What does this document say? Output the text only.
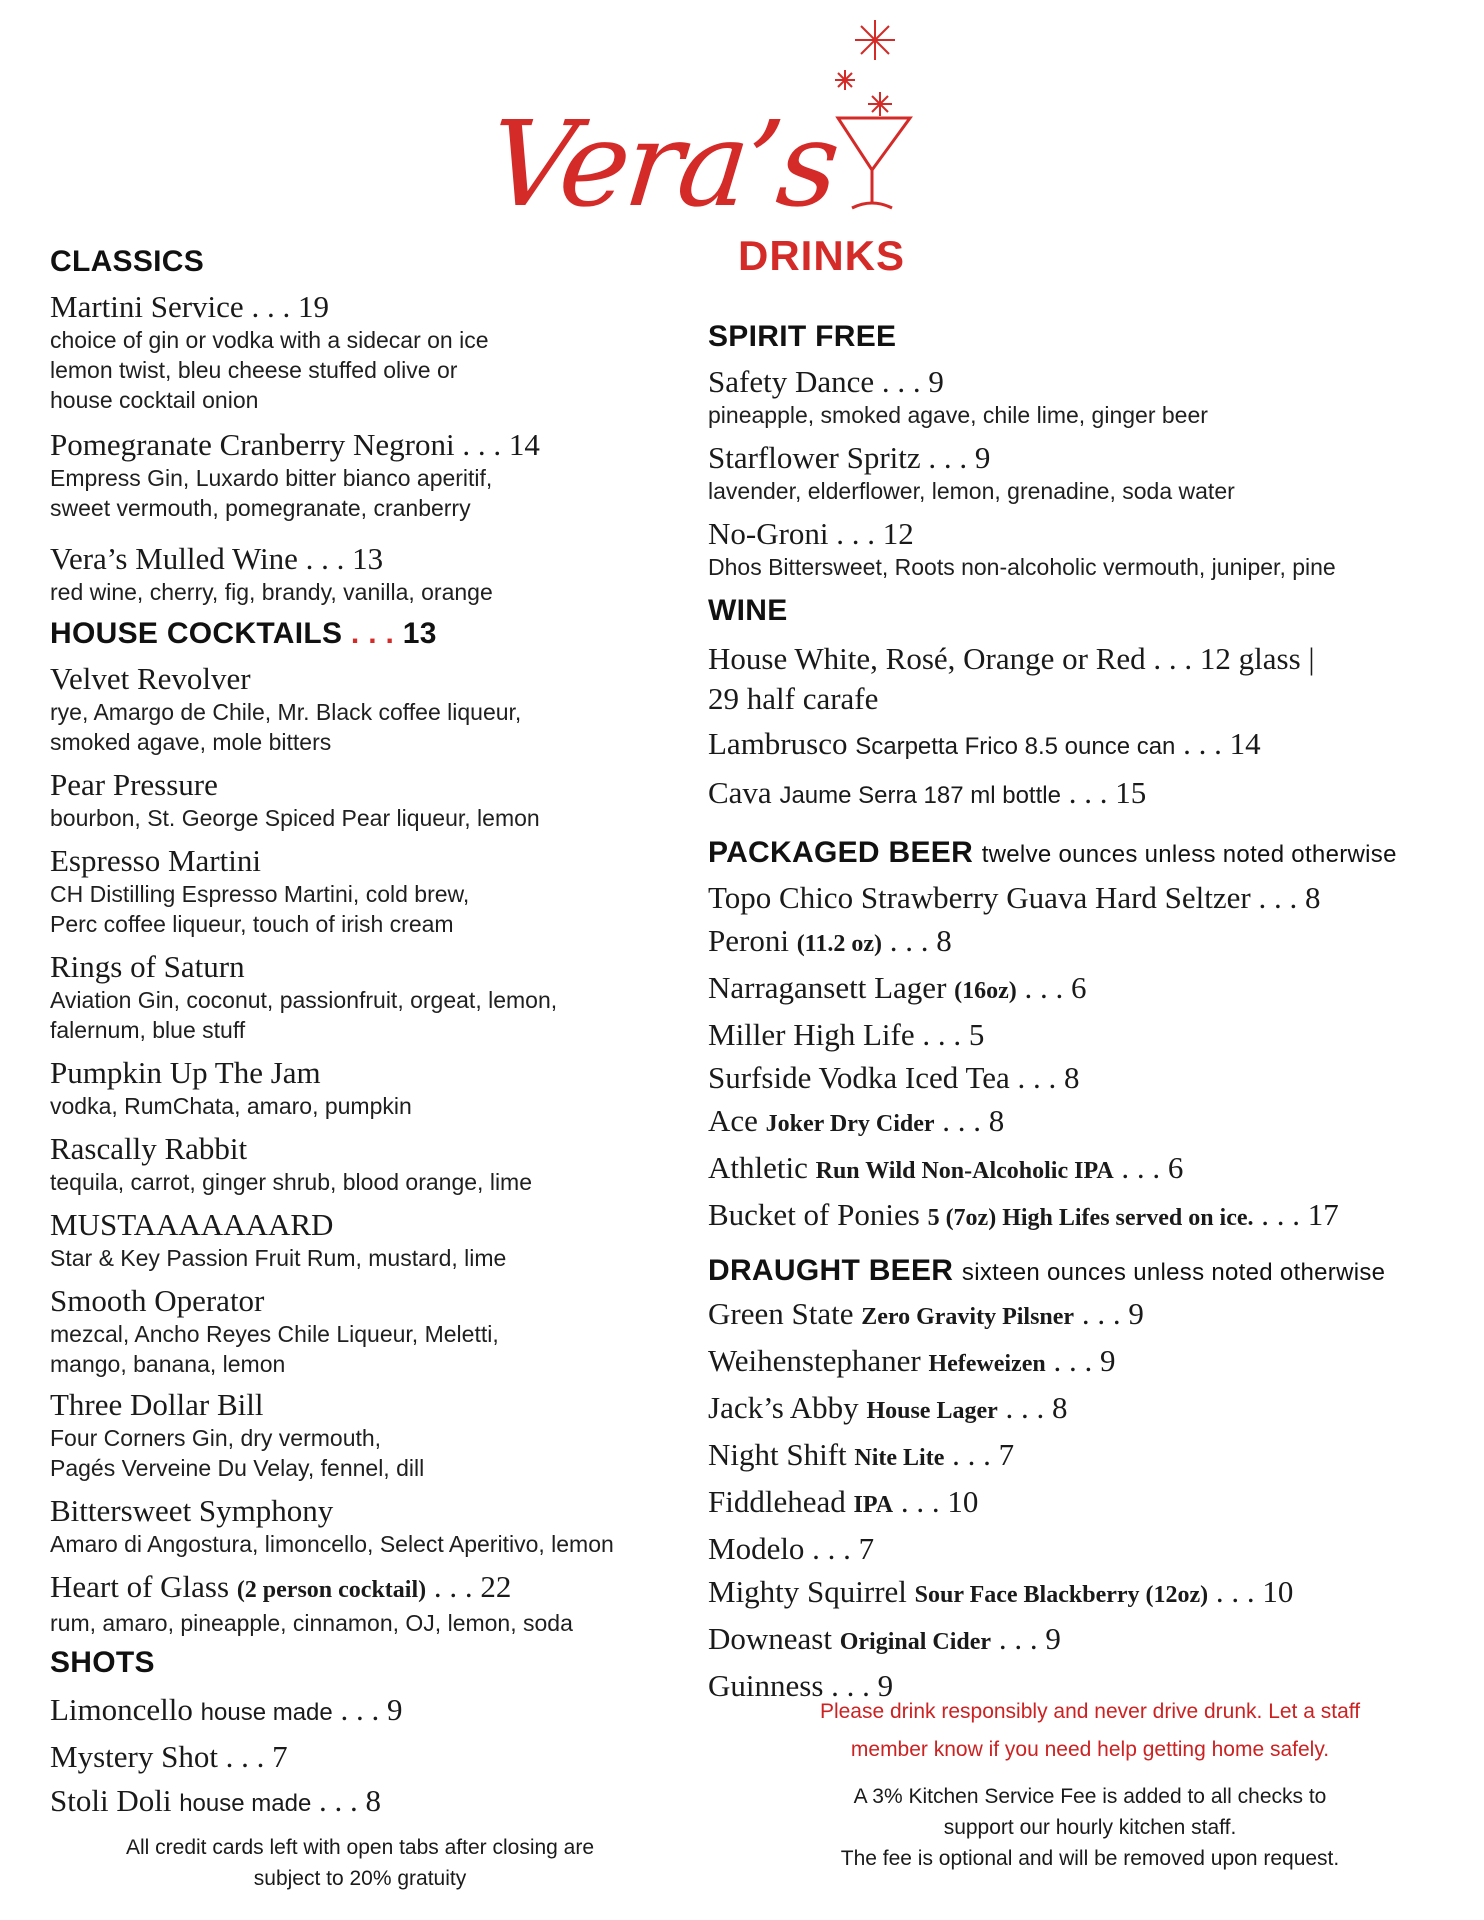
Vera’s
DRINKS
CLASSICS
Martini Service . . . 19
choice of gin or vodka with a sidecar on ice
lemon twist, bleu cheese stuffed olive or
house cocktail onion
Pomegranate Cranberry Negroni . . . 14
Empress Gin, Luxardo bitter bianco aperitif,
sweet vermouth, pomegranate, cranberry
Vera’s Mulled Wine . . . 13
red wine, cherry, fig, brandy, vanilla, orange
HOUSE COCKTAILS . . . 13
Velvet Revolver
rye, Amargo de Chile, Mr. Black coffee liqueur,
smoked agave, mole bitters
Pear Pressure
bourbon, St. George Spiced Pear liqueur, lemon
Espresso Martini
CH Distilling Espresso Martini, cold brew,
Perc coffee liqueur, touch of irish cream
Rings of Saturn
Aviation Gin, coconut, passionfruit, orgeat, lemon,
falernum, blue stuff
Pumpkin Up The Jam
vodka, RumChata, amaro, pumpkin
Rascally Rabbit
tequila, carrot, ginger shrub, blood orange, lime
MUSTAAAAAAARD
Star & Key Passion Fruit Rum, mustard, lime
Smooth Operator
mezcal, Ancho Reyes Chile Liqueur, Meletti,
mango, banana, lemon
Three Dollar Bill
Four Corners Gin, dry vermouth,
Pagés Verveine Du Velay, fennel, dill
Bittersweet Symphony
Amaro di Angostura, limoncello, Select Aperitivo, lemon
Heart of Glass (2 person cocktail) . . . 22
rum, amaro, pineapple, cinnamon, OJ, lemon, soda
SHOTS
Limoncello house made . . . 9
Mystery Shot . . . 7
Stoli Doli house made . . . 8
All credit cards left with open tabs after closing are
subject to 20% gratuity
SPIRIT FREE
Safety Dance . . . 9
pineapple, smoked agave, chile lime, ginger beer
Starflower Spritz . . . 9
lavender, elderflower, lemon, grenadine, soda water
No-Groni . . . 12
Dhos Bittersweet, Roots non-alcoholic vermouth, juniper, pine
WINE
House White, Rosé, Orange or Red . . . 12 glass |
29 half carafe
Lambrusco Scarpetta Frico 8.5 ounce can . . . 14
Cava Jaume Serra 187 ml bottle . . . 15
PACKAGED BEER twelve ounces unless noted otherwise
Topo Chico Strawberry Guava Hard Seltzer . . . 8
Peroni (11.2 oz) . . . 8
Narragansett Lager (16oz) . . . 6
Miller High Life . . . 5
Surfside Vodka Iced Tea . . . 8
Ace Joker Dry Cider . . . 8
Athletic Run Wild Non-Alcoholic IPA . . . 6
Bucket of Ponies 5 (7oz) High Lifes served on ice. . . . 17
DRAUGHT BEER sixteen ounces unless noted otherwise
Green State Zero Gravity Pilsner . . . 9
Weihenstephaner Hefeweizen . . . 9
Jack’s Abby House Lager . . . 8
Night Shift Nite Lite . . . 7
Fiddlehead IPA . . . 10
Modelo . . . 7
Mighty Squirrel Sour Face Blackberry (12oz) . . . 10
Downeast Original Cider . . . 9
Guinness . . . 9
Please drink responsibly and never drive drunk. Let a staff
member know if you need help getting home safely.
A 3% Kitchen Service Fee is added to all checks to
support our hourly kitchen staff.
The fee is optional and will be removed upon request.
